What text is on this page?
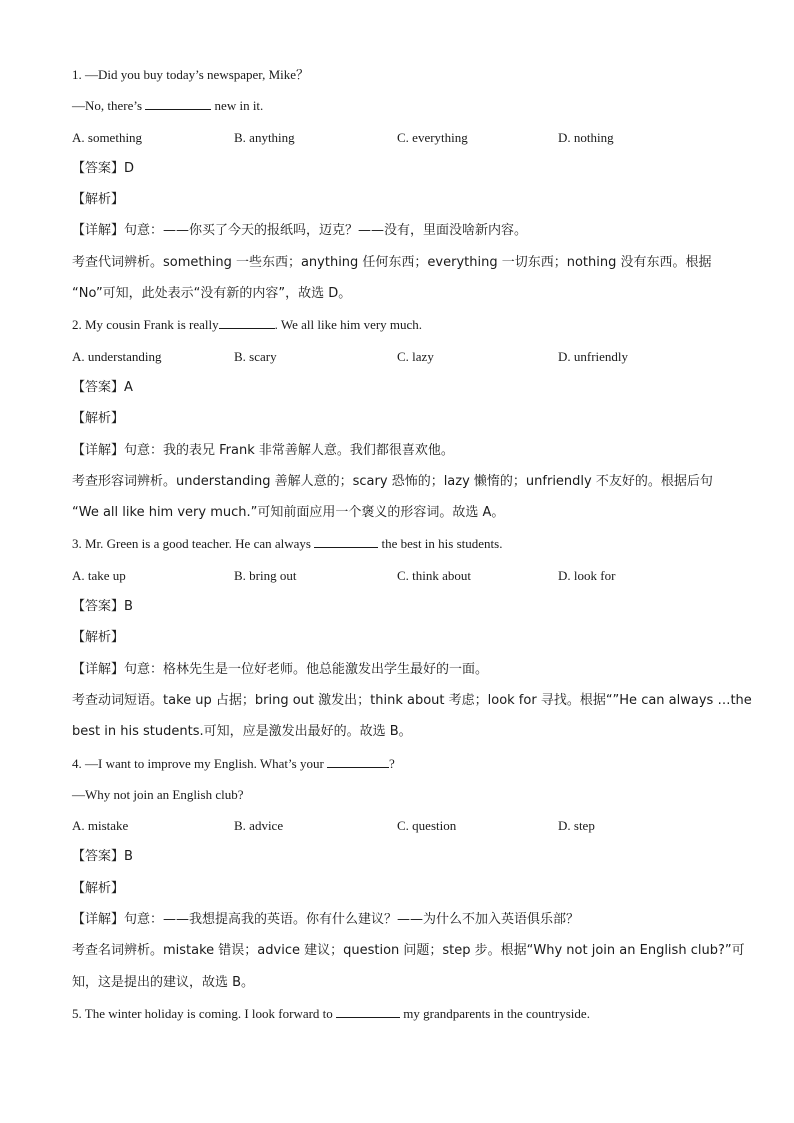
1. —Did you buy today’s newspaper, Mike？
—No, there’s	new in it.
A. something	B. anything	C. everything	D. nothing
【答案】D
【解析】
【详解】句意：——你买了今天的报纸吗，迈克？——没有，里面没啥新内容。
考查代词辨析。something 一些东西；anything 任何东西；everything 一切东西；nothing 没有东西。根据
“No”可知，此处表示“没有新的内容”，故选 D。
2. My cousin Frank is really	. We all like him very much.
A. understanding	B. scary	C. lazy	D. unfriendly
【答案】A
【解析】
【详解】句意：我的表兄 Frank 非常善解人意。我们都很喜欢他。
考查形容词辨析。understanding 善解人意的；scary 恐怖的；lazy 懒惰的；unfriendly 不友好的。根据后句
“We all like him very much.”可知前面应用一个褒义的形容词。故选 A。
3. Mr. Green is a good teacher. He can always	the best in his students.
A. take up	B. bring out	C. think about	D. look for
【答案】B
【解析】
【详解】句意：格林先生是一位好老师。他总能激发出学生最好的一面。
考查动词短语。take up 占据；bring out 激发出；think about 考虑；look for 寻找。根据“”He can always …the
best in his students.可知，应是激发出最好的。故选 B。
4. —I want to improve my English. What’s your	?
—Why not join an English club?
A. mistake	B. advice	C. question	D. step
【答案】B
【解析】
【详解】句意：——我想提高我的英语。你有什么建议？——为什么不加入英语俱乐部？
考查名词辨析。mistake 错误；advice 建议；question 问题；step 步。根据“Why not join an English club?”可
知，这是提出的建议，故选 B。
5. The winter holiday is coming. I look forward to	my grandparents in the countryside.
